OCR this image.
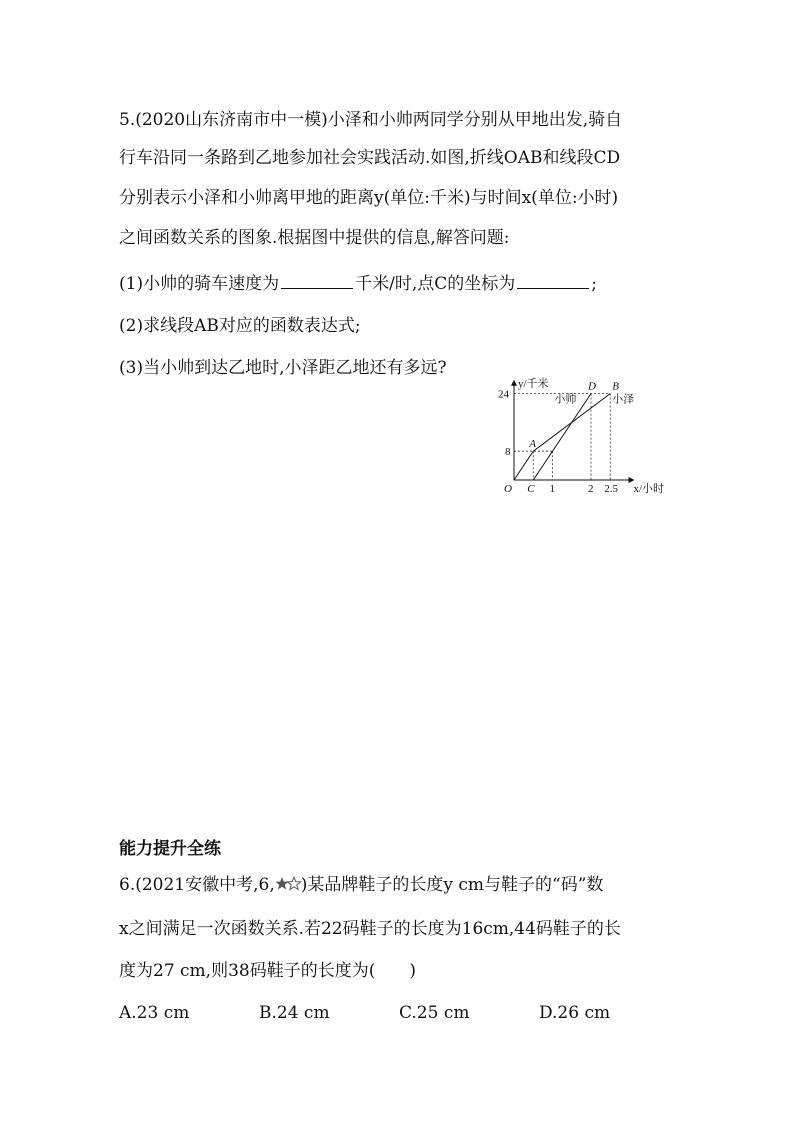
5.(2020山东济南市中一模)小泽和小帅两同学分别从甲地出发,骑自
行车沿同一条路到乙地参加社会实践活动.如图,折线OAB和线段CD
分别表示小泽和小帅离甲地的距离y(单位:千米)与时间x(单位:小时)
之间函数关系的图象.根据图中提供的信息,解答问题:
(1)小帅的骑车速度为	千米/时,点C的坐标为	;
(2)求线段AB对应的函数表达式;
(3)当小帅到达乙地时,小泽距乙地还有多远?
1	2 2.5
8
24
O C
A
D B
y/千米
x/小时
小帅	小泽
能力提升全练
6.(2021安徽中考,6, )某品牌鞋子的长度y cm与鞋子的“码”数
x之间满足一次函数关系.若22码鞋子的长度为16cm,44码鞋子的长
度为27 cm,则38码鞋子的长度为(　　)
A.23 cm	B.24 cm	C.25 cm	D.26 cm
